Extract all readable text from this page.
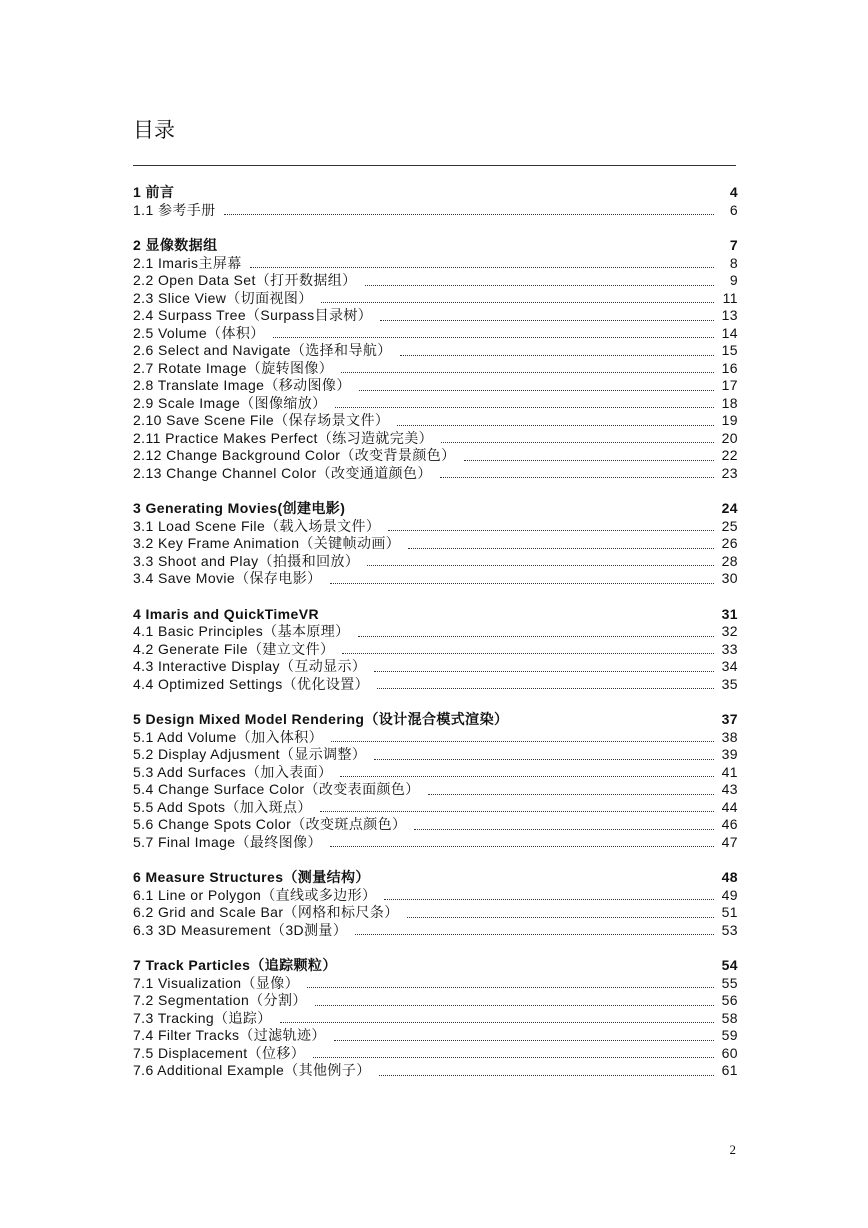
目录
1 前言	4
1.1 参考手册	6
2 显像数据组	7
2.1 Imaris主屏幕	8
2.2 Open Data Set（打开数据组）	9
2.3 Slice View（切面视图）	11
2.4 Surpass Tree（Surpass目录树）	13
2.5 Volume（体积）	14
2.6 Select and Navigate（选择和导航）	15
2.7 Rotate Image（旋转图像）	16
2.8 Translate Image（移动图像）	17
2.9 Scale Image（图像缩放）	18
2.10 Save Scene File（保存场景文件）	19
2.11 Practice Makes Perfect（练习造就完美）	20
2.12 Change Background Color（改变背景颜色）	22
2.13 Change Channel Color（改变通道颜色）	23
3 Generating Movies(创建电影)	24
3.1 Load Scene File（载入场景文件）	25
3.2 Key Frame Animation（关键帧动画）	26
3.3 Shoot and Play（拍摄和回放）	28
3.4 Save Movie（保存电影）	30
4 Imaris and QuickTimeVR	31
4.1 Basic Principles（基本原理）	32
4.2 Generate File（建立文件）	33
4.3 Interactive Display（互动显示）	34
4.4 Optimized Settings（优化设置）	35
5 Design Mixed Model Rendering（设计混合模式渲染）	37
5.1 Add Volume（加入体积）	38
5.2 Display Adjusment（显示调整）	39
5.3 Add Surfaces（加入表面）	41
5.4 Change Surface Color（改变表面颜色）	43
5.5 Add Spots（加入斑点）	44
5.6 Change Spots Color（改变斑点颜色）	46
5.7 Final Image（最终图像）	47
6 Measure Structures（测量结构）	48
6.1 Line or Polygon（直线或多边形）	49
6.2 Grid and Scale Bar（网格和标尺条）	51
6.3 3D Measurement（3D测量）	53
7 Track Particles（追踪颗粒）	54
7.1 Visualization（显像）	55
7.2 Segmentation（分割）	56
7.3 Tracking（追踪）	58
7.4 Filter Tracks（过滤轨迹）	59
7.5 Displacement（位移）	60
7.6 Additional Example（其他例子）	61
2
